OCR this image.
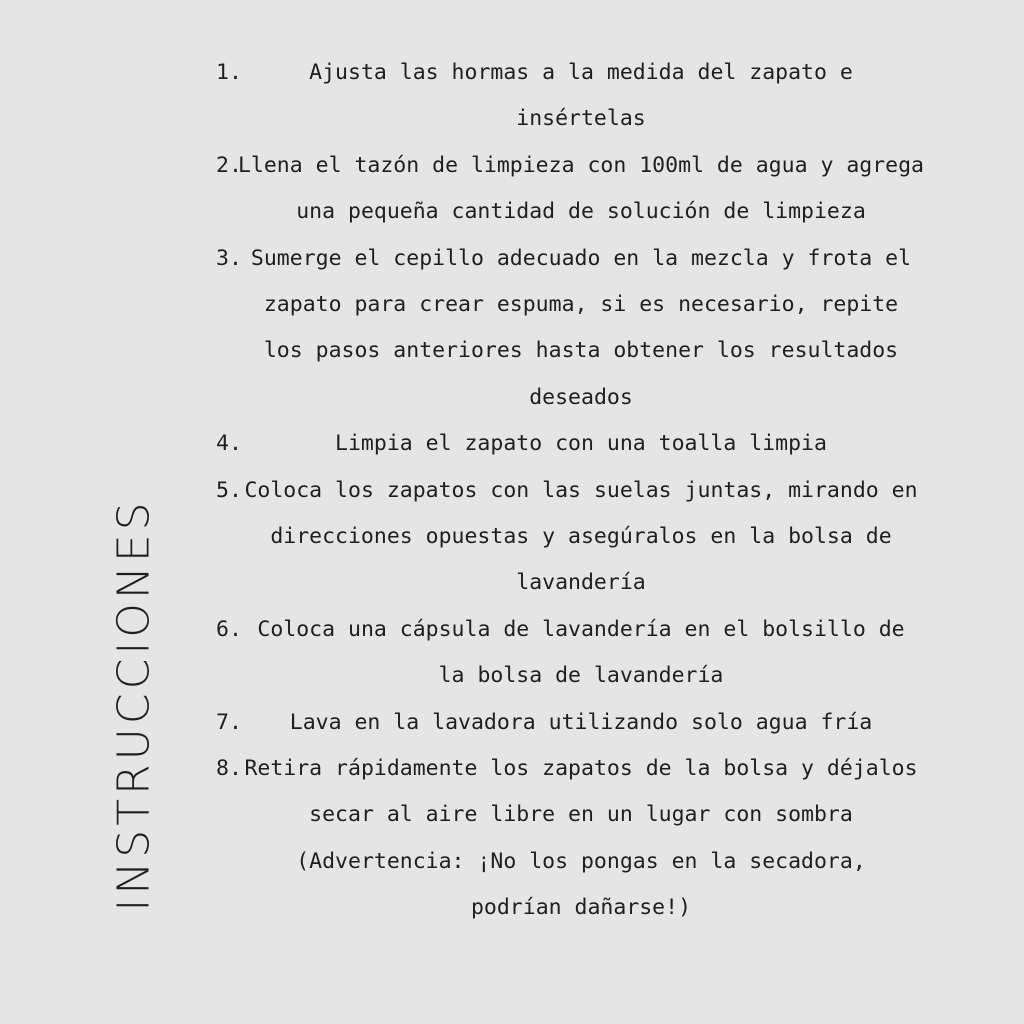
INSTRUCCIONES
1.	Ajusta las hormas a la medida del zapato e
insértelas
2.
Llena el tazón de limpieza con 100ml de agua y agrega
una pequeña cantidad de solución de limpieza
3. Sumerge el cepillo adecuado en la mezcla y frota el
zapato para crear espuma, si es necesario, repite
los pasos anteriores hasta obtener los resultados
deseados
4.	Limpia el zapato con una toalla limpia
5. Coloca los zapatos con las suelas juntas, mirando en
direcciones opuestas y asegúralos en la bolsa de
lavandería
6. Coloca una cápsula de lavandería en el bolsillo de
la bolsa de lavandería
7.	Lava en la lavadora utilizando solo agua fría
8. Retira rápidamente los zapatos de la bolsa y déjalos
secar al aire libre en un lugar con sombra
(Advertencia: ¡No los pongas en la secadora,
podrían dañarse!)
